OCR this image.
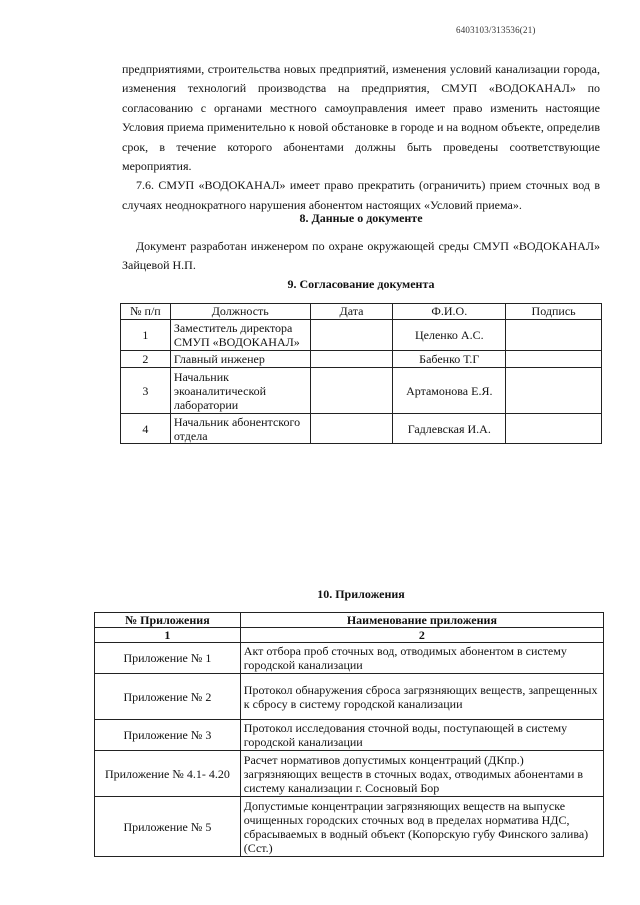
6403103/313536(21)

предприятиями, строительства новых предприятий, изменения условий канализации города, изменения технологий производства на предприятия, СМУП «ВОДОКАНАЛ» по согласованию с органами местного самоуправления имеет право изменить настоящие Условия приема применительно к новой обстановке в городе и на водном объекте, определив срок, в течение которого абонентами должны быть проведены соответствующие мероприятия.

7.6. СМУП «ВОДОКАНАЛ» имеет право прекратить (ограничить) прием сточных вод в случаях неоднократного нарушения абонентом настоящих «Условий приема».

8. Данные о документе

Документ разработан инженером по охране окружающей среды СМУП «ВОДОКАНАЛ» Зайцевой Н.П.

9. Согласование документа
№ п/п	Должность	Дата	Ф.И.О.	Подпись
1	Заместитель директора СМУП «ВОДОКАНАЛ»		Целенко А.С.	
2	Главный инженер		Бабенко Т.Г	
3	Начальник экоаналитической лаборатории		Артамонова Е.Я.	
4	Начальник абонентского отдела		Гадлевская И.А.	
10. Приложения
№ Приложения	Наименование приложения
1	2
Приложение № 1	Акт отбора проб сточных вод, отводимых абонентом в систему городской канализации
Приложение № 2	Протокол обнаружения сброса загрязняющих веществ, запрещенных к сбросу в систему городской канализации
Приложение № 3	Протокол исследования сточной воды, поступающей в систему городской канализации
Приложение № 4.1- 4.20	Расчет нормативов допустимых концентраций (ДКпр.) загрязняющих веществ в сточных водах, отводимых абонентами в систему канализации г. Сосновый Бор
Приложение № 5	Допустимые концентрации загрязняющих веществ на выпуске очищенных городских сточных вод в пределах норматива НДС, сбрасываемых в водный объект (Копорскую губу Финского залива) (Сст.)
